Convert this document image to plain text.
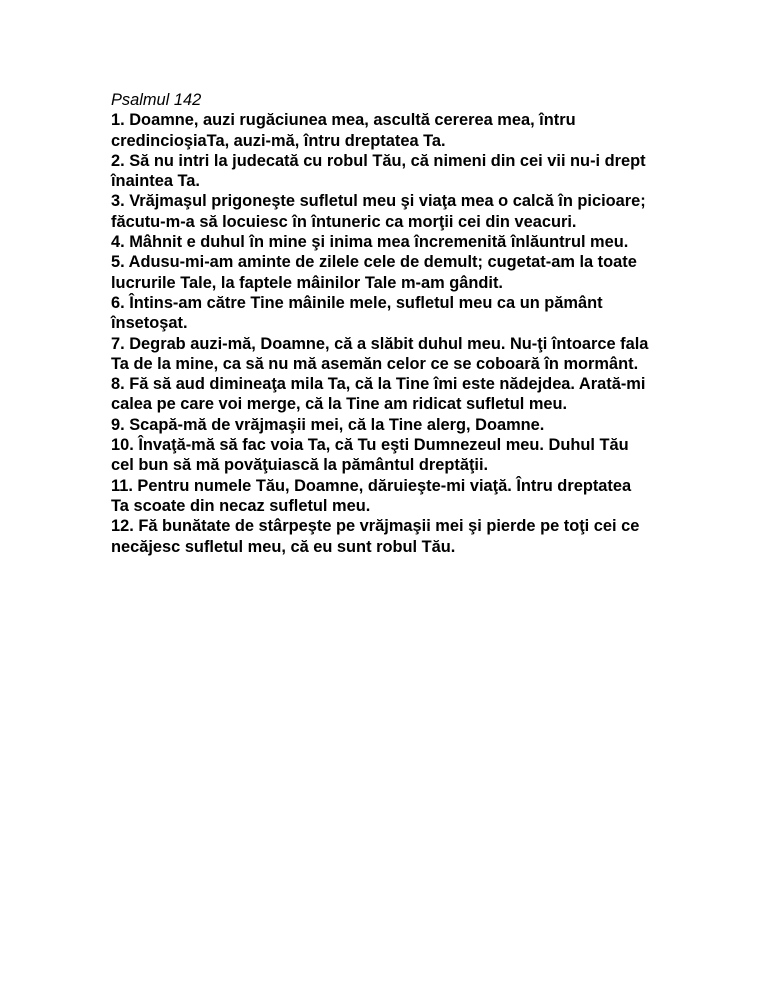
Psalmul 142

1. Doamne, auzi rugăciunea mea, ascultă cererea mea, întru credincioşiaTa, auzi-mă, întru dreptatea Ta.

2. Să nu intri la judecată cu robul Tău, că nimeni din cei vii nu-i drept înaintea Ta.

3. Vrăjmaşul prigoneşte sufletul meu şi viaţa mea o calcă în picioare; făcutu-m-a să locuiesc în întuneric ca morţii cei din veacuri.

4. Mâhnit e duhul în mine şi inima mea încremenită înlăuntrul meu.

5. Adusu-mi-am aminte de zilele cele de demult; cugetat-am la toate lucrurile Tale, la faptele mâinilor Tale m-am gândit.

6. Întins-am către Tine mâinile mele, sufletul meu ca un pământ însetoşat.

7. Degrab auzi-mă, Doamne, că a slăbit duhul meu. Nu-ţi întoarce fala Ta de la mine, ca să nu mă asemăn celor ce se coboară în mormânt.

8. Fă să aud dimineaţa mila Ta, că la Tine îmi este nădejdea. Arată-mi calea pe care voi merge, că la Tine am ridicat sufletul meu.

9. Scapă-mă de vrăjmaşii mei, că la Tine alerg, Doamne.

10. Învaţă-mă să fac voia Ta, că Tu eşti Dumnezeul meu. Duhul Tău cel bun să mă povăţuiască la pământul dreptăţii.

11. Pentru numele Tău, Doamne, dăruieşte-mi viaţă. Întru dreptatea Ta scoate din necaz sufletul meu.

12. Fă bunătate de stârpeşte pe vrăjmaşii mei şi pierde pe toţi cei ce necăjesc sufletul meu, că eu sunt robul Tău.
